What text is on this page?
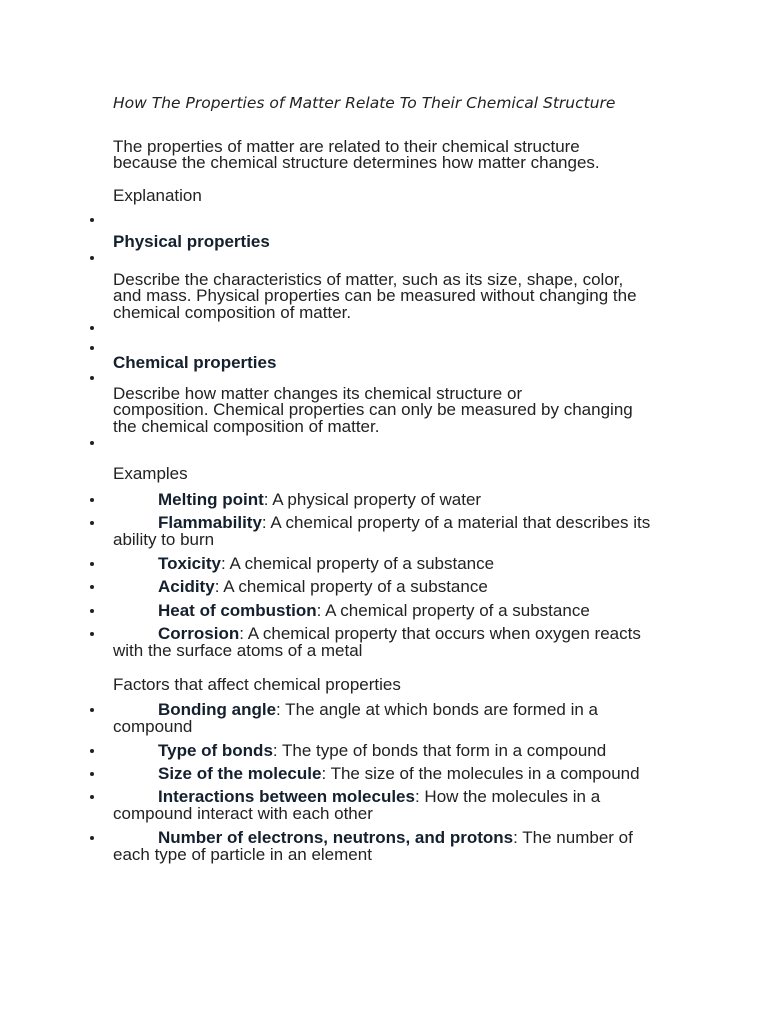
How The Properties of Matter Relate To Their Chemical Structure
The properties of matter are related to their chemical structure
because the chemical structure determines how matter changes.
Explanation
Physical properties
Describe the characteristics of matter, such as its size, shape, color,
and mass. Physical properties can be measured without changing the
chemical composition of matter.
Chemical properties
Describe how matter changes its chemical structure or
composition. Chemical properties can only be measured by changing
the chemical composition of matter.
Examples
Melting point: A physical property of water
Flammability: A chemical property of a material that describes its
ability to burn
Toxicity: A chemical property of a substance
Acidity: A chemical property of a substance
Heat of combustion: A chemical property of a substance
Corrosion: A chemical property that occurs when oxygen reacts
with the surface atoms of a metal
Factors that affect chemical properties
Bonding angle: The angle at which bonds are formed in a
compound
Type of bonds: The type of bonds that form in a compound
Size of the molecule: The size of the molecules in a compound
Interactions between molecules: How the molecules in a
compound interact with each other
Number of electrons, neutrons, and protons: The number of
each type of particle in an element
